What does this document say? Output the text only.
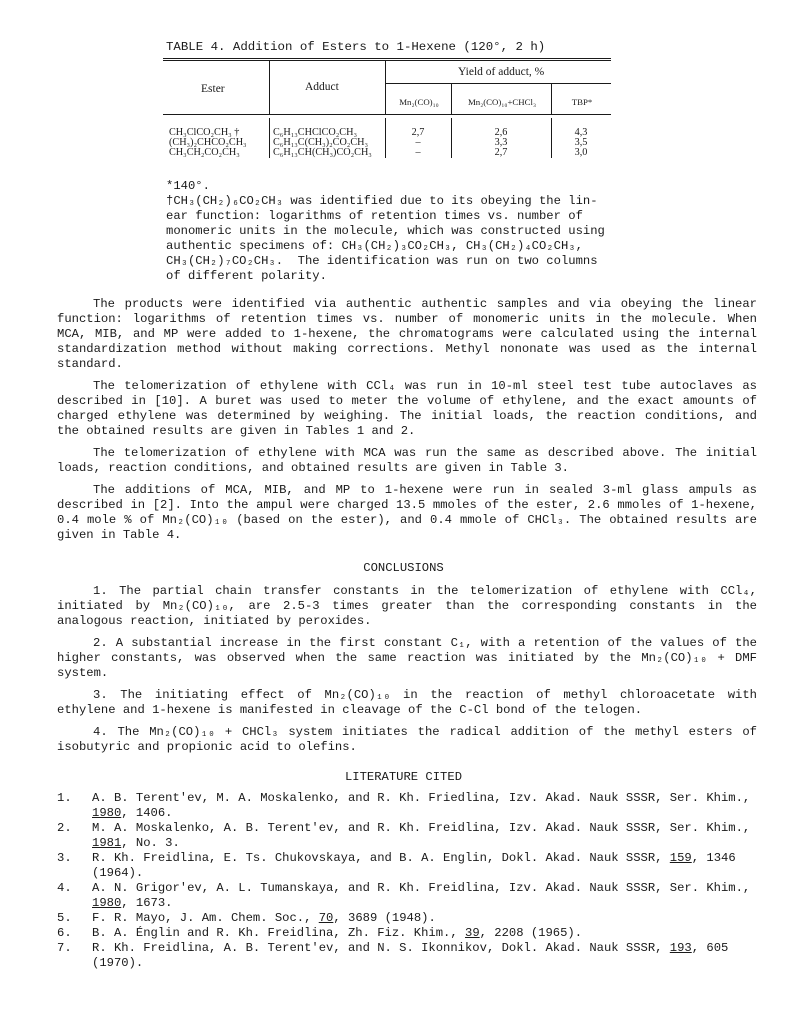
TABLE 4. Addition of Esters to 1-Hexene (120°, 2 h)
Ester	Adduct
Yield of adduct, %
Mn₂(CO)₁₀	Mn₂(CO)₁₀+CHCl₃	TBP*
CH₃ClCO₂CH₃ †	C₆H₁₃CHClCO₂CH₃	2,7	2,6	4,3
(CH₃)₂CHCO₂CH₃	C₆H₁₃C(CH₃)₂CO₂CH₃	–	3,3	3,5
CH₃CH₂CO₂CH₃	C₆H₁₃CH(CH₃)CO₂CH₃	–	2,7	3,0

*140°.

†CH₃(CH₂)₆CO₂CH₃ was identified due to its obeying the lin-

ear function: logarithms of retention times vs. number of

monomeric units in the molecule, which was constructed using

authentic specimens of: CH₃(CH₂)₃CO₂CH₃, CH₃(CH₂)₄CO₂CH₃,

CH₃(CH₂)₇CO₂CH₃.  The identification was run on two columns

of different polarity.

The products were identified via authentic authentic samples and via obeying the linear function: logarithms of retention times vs. number of monomeric units in the molecule. When MCA, MIB, and MP were added to 1-hexene, the chromatograms were calculated using the internal standardization method without making corrections. Methyl nononate was used as the internal standard.

The telomerization of ethylene with CCl₄ was run in 10-ml steel test tube autoclaves as described in [10]. A buret was used to meter the volume of ethylene, and the exact amounts of charged ethylene was determined by weighing. The initial loads, the reaction conditions, and the obtained results are given in Tables 1 and 2.

The telomerization of ethylene with MCA was run the same as described above. The initial loads, reaction conditions, and obtained results are given in Table 3.

The additions of MCA, MIB, and MP to 1-hexene were run in sealed 3-ml glass ampuls as described in [2]. Into the ampul were charged 13.5 mmoles of the ester, 2.6 mmoles of 1-hexene, 0.4 mole % of Mn₂(CO)₁₀ (based on the ester), and 0.4 mmole of CHCl₃. The obtained results are given in Table 4.

CONCLUSIONS

1. The partial chain transfer constants in the telomerization of ethylene with CCl₄, initiated by Mn₂(CO)₁₀, are 2.5-3 times greater than the corresponding constants in the analogous reaction, initiated by peroxides.

2. A substantial increase in the first constant C₁, with a retention of the values of the higher constants, was observed when the same reaction was initiated by the Mn₂(CO)₁₀ + DMF system.

3. The initiating effect of Mn₂(CO)₁₀ in the reaction of methyl chloroacetate with ethylene and 1-hexene is manifested in cleavage of the C-Cl bond of the telogen.

4. The Mn₂(CO)₁₀ + CHCl₃ system initiates the radical addition of the methyl esters of isobutyric and propionic acid to olefins.

LITERATURE CITED
1.	A. B. Terent'ev, M. A. Moskalenko, and R. Kh. Friedlina, Izv. Akad. Nauk SSSR, Ser. Khim., 1980, 1406.
2.	M. A. Moskalenko, A. B. Terent'ev, and R. Kh. Freidlina, Izv. Akad. Nauk SSSR, Ser. Khim., 1981, No. 3.
3.	R. Kh. Freidlina, E. Ts. Chukovskaya, and B. A. Englin, Dokl. Akad. Nauk SSSR, 159, 1346 (1964).
4.	A. N. Grigor'ev, A. L. Tumanskaya, and R. Kh. Freidlina, Izv. Akad. Nauk SSSR, Ser. Khim., 1980, 1673.
5.	F. R. Mayo, J. Am. Chem. Soc., 70, 3689 (1948).
6.	B. A. Énglin and R. Kh. Freidlina, Zh. Fiz. Khim., 39, 2208 (1965).
7.	R. Kh. Freidlina, A. B. Terent'ev, and N. S. Ikonnikov, Dokl. Akad. Nauk SSSR, 193, 605 (1970).
